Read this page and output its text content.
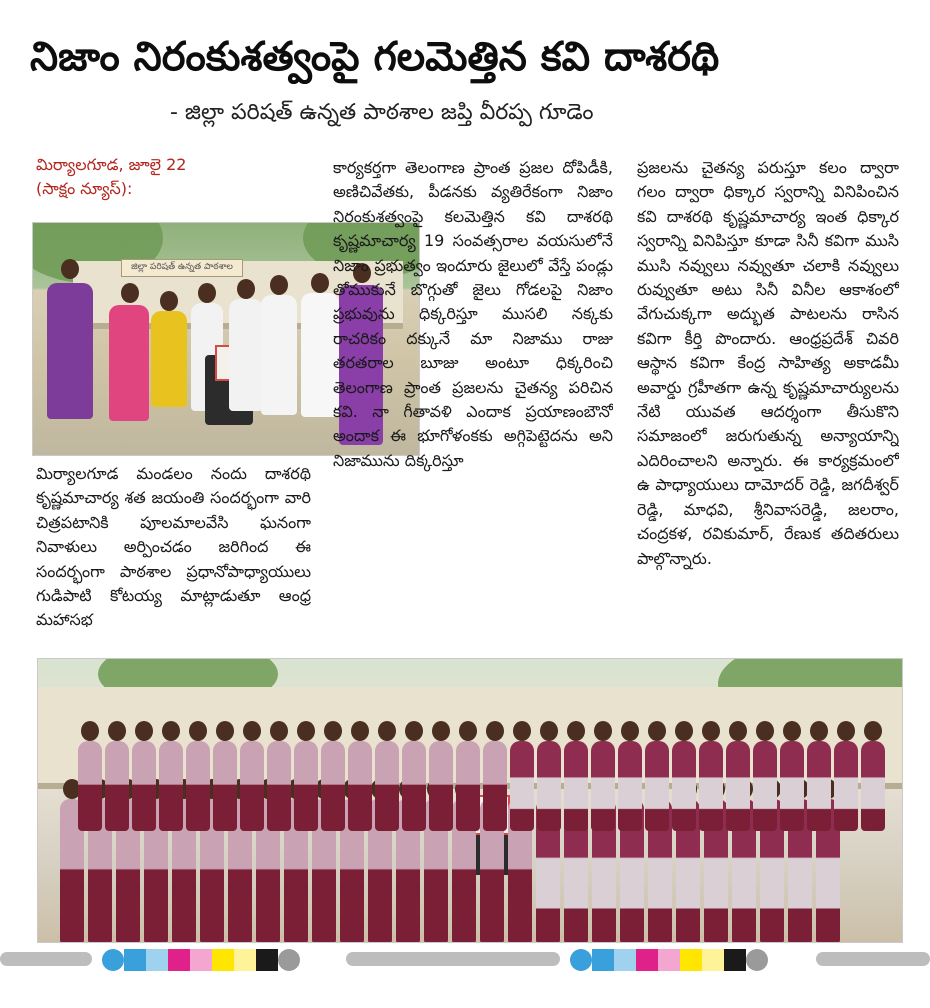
నిజాం నిరంకుశత్వంపై గలమెత్తిన కవి దాశరథి
- జిల్లా పరిషత్ ఉన్నత పాఠశాల జప్తి వీరప్ప గూడెం
మిర్యాలగూడ, జూలై 22
(సాక్షం న్యూస్):
జిల్లా పరిషత్ ఉన్నత పాఠశాల
మిర్యాలగూడ మండలం నందు దాశరథి కృష్ణమాచార్య శత జయంతి సందర్భంగా వారి చిత్రపటానికి పూలమాలవేసి ఘనంగా నివాళులు అర్పించడం జరిగింద ఈ సందర్భంగా పాఠశాల ప్రధానోపాధ్యాయులు గుడిపాటి కోటయ్య మాట్లాడుతూ ఆంధ్ర మహాసభ
కార్యకర్తగా తెలంగాణ ప్రాంత ప్రజల దోపిడీకి, అణిచివేతకు, పీడనకు వ్యతిరేకంగా నిజాం నిరంకుశత్వంపై కలమెత్తిన కవి దాశరథి కృష్ణమాచార్య 19 సంవత్సరాల వయసులోనే నిజాం ప్రభుత్వం ఇందూరు జైలులో వేస్తే పండ్లు తోముకునే బొగ్గుతో జైలు గోడలపై నిజాం ప్రభువును ధిక్కరిస్తూ ముసలి నక్కకు రాచరికం దక్కునే మా నిజాము రాజు తరతరాల బూజు అంటూ ధిక్కరించి తెలంగాణ ప్రాంత ప్రజలను చైతన్య పరిచిన కవి. నా గీతావళి ఎందాక ప్రయాణంబౌనో అందాక ఈ భూగోళంకకు అగ్గిపెట్టెదను అని నిజామును దిక్కరిస్తూ
ప్రజలను చైతన్య పరుస్తూ కలం ద్వారా గలం ద్వారా ధిక్కార స్వరాన్ని వినిపించిన కవి దాశరథి కృష్ణమాచార్య ఇంత ధిక్కార స్వరాన్ని వినిపిస్తూ కూడా సినీ కవిగా ముసి ముసి నవ్వులు నవ్వుతూ చలాకి నవ్వులు రువ్వుతూ అటు సినీ వినీల ఆకాశంలో వేగుచుక్కగా అద్భుత పాటలను రాసిన కవిగా కీర్తి పొందారు. ఆంధ్రప్రదేశ్ చివరి ఆస్థాన కవిగా కేంద్ర సాహిత్య అకాడమీ అవార్డు గ్రహీతగా ఉన్న కృష్ణమాచార్యులను నేటి యువత ఆదర్శంగా తీసుకొని సమాజంలో జరుగుతున్న అన్యాయాన్ని ఎదిరించాలని అన్నారు. ఈ కార్యక్రమంలో ఉ పాధ్యాయులు దామోదర్ రెడ్డి, జగదీశ్వర్ రెడ్డి, మాధవి, శ్రీనివాసరెడ్డి, జలరాం, చంద్రకళ, రవికుమార్, రేణుక తదితరులు పాల్గొన్నారు.
